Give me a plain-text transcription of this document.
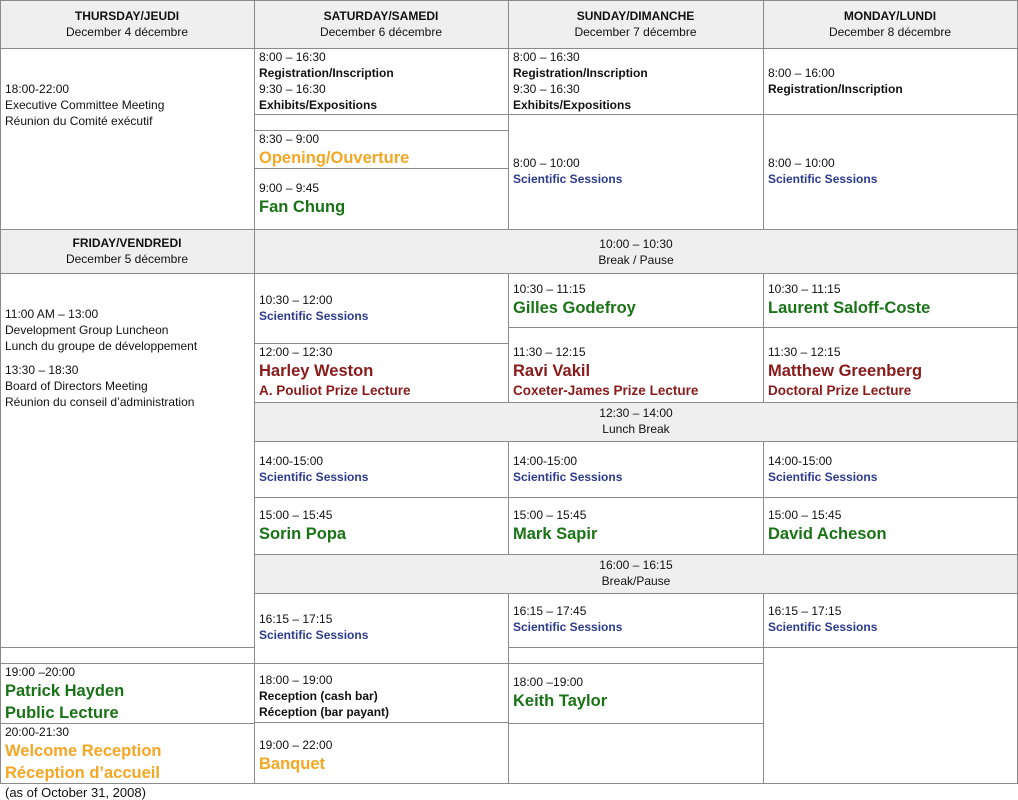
THURSDAY/JEUDI
December 4 décembre
SATURDAY/SAMEDI
December 6 décembre
SUNDAY/DIMANCHE
December 7 décembre
MONDAY/LUNDI
December 8 décembre
FRIDAY/VENDREDI
December 5 décembre
18:00-22:00
Executive Committee Meeting
Réunion du Comité exécutif
11:00 AM – 13:00
Development Group Luncheon
Lunch du groupe de développement
13:30 – 18:30
Board of Directors Meeting
Réunion du conseil d’administration
19:00 –20:00
Patrick Hayden
Public Lecture
20:00-21:30
Welcome Reception
Réception d’accueil
8:00 – 16:30
Registration/Inscription
9:30 – 16:30
Exhibits/Expositions
8:30 – 9:00
Opening/Ouverture
9:00 – 9:45
Fan Chung
10:30 – 12:00
Scientific Sessions
12:00 – 12:30
Harley Weston
A. Pouliot Prize Lecture
14:00-15:00
Scientific Sessions
15:00 – 15:45
Sorin Popa
16:15 – 17:15
Scientific Sessions
18:00 – 19:00
Reception (cash bar)
Réception (bar payant)
19:00 – 22:00
Banquet
8:00 – 16:30
Registration/Inscription
9:30 – 16:30
Exhibits/Expositions
8:00 – 10:00
Scientific Sessions
10:30 – 11:15
Gilles Godefroy
11:30 – 12:15
Ravi Vakil
Coxeter-James Prize Lecture
14:00-15:00
Scientific Sessions
15:00 – 15:45
Mark Sapir
16:15 – 17:45
Scientific Sessions
18:00 –19:00
Keith Taylor
8:00 – 16:00
Registration/Inscription
8:00 – 10:00
Scientific Sessions
10:30 – 11:15
Laurent Saloff-Coste
11:30 – 12:15
Matthew Greenberg
Doctoral Prize Lecture
14:00-15:00
Scientific Sessions
15:00 – 15:45
David Acheson
16:15 – 17:15
Scientific Sessions
10:00 – 10:30
Break / Pause
12:30 – 14:00
Lunch Break
16:00 – 16:15
Break/Pause
(as of October 31, 2008)
